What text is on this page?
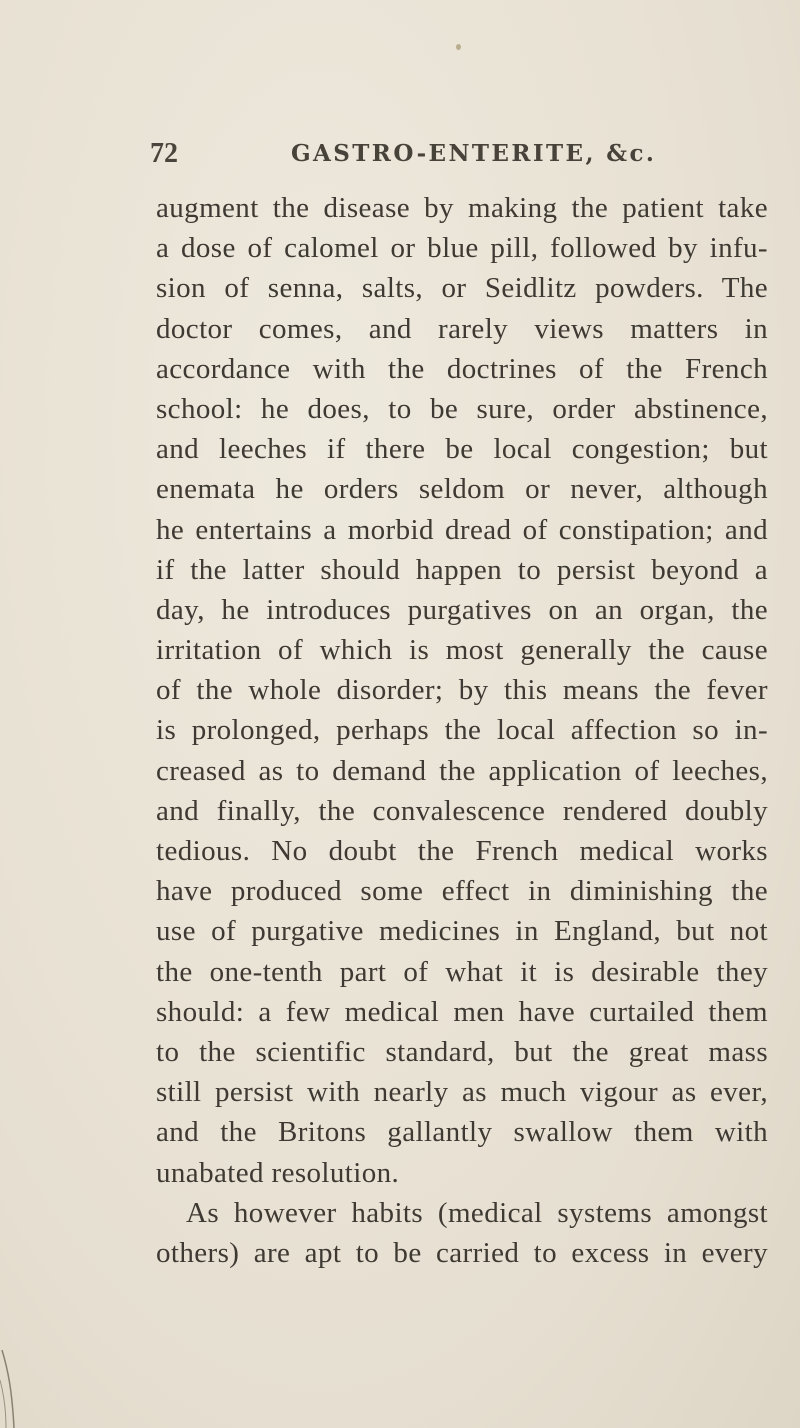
72	GASTRO-ENTERITE, &c.
augment the disease by making the patient take
a dose of calomel or blue pill, followed by infu-
sion of senna, salts, or Seidlitz powders. The
doctor comes, and rarely views matters in
accordance with the doctrines of the French
school: he does, to be sure, order abstinence,
and leeches if there be local congestion; but
enemata he orders seldom or never, although
he entertains a morbid dread of constipation; and
if the latter should happen to persist beyond a
day, he introduces purgatives on an organ, the
irritation of which is most generally the cause
of the whole disorder; by this means the fever
is prolonged, perhaps the local affection so in-
creased as to demand the application of leeches,
and finally, the convalescence rendered doubly
tedious. No doubt the French medical works
have produced some effect in diminishing the
use of purgative medicines in England, but not
the one-tenth part of what it is desirable they
should: a few medical men have curtailed them
to the scientific standard, but the great mass
still persist with nearly as much vigour as ever,
and the Britons gallantly swallow them with
unabated resolution.
As however habits (medical systems amongst
others) are apt to be carried to excess in every
